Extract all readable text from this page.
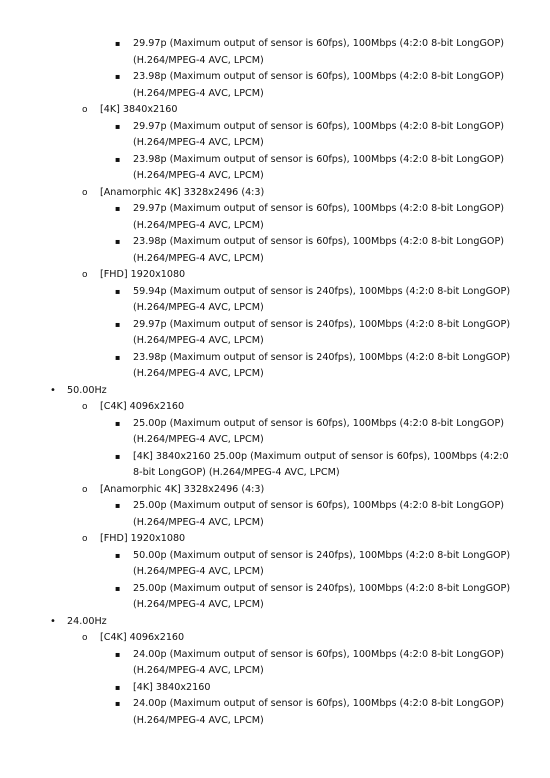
▪ 29.97p (Maximum output of sensor is 60fps), 100Mbps (4:2:0 8-bit LongGOP) (H.264/MPEG-4 AVC, LPCM)
▪ 23.98p (Maximum output of sensor is 60fps), 100Mbps (4:2:0 8-bit LongGOP) (H.264/MPEG-4 AVC, LPCM)
o [4K] 3840x2160
▪ 29.97p (Maximum output of sensor is 60fps), 100Mbps (4:2:0 8-bit LongGOP) (H.264/MPEG-4 AVC, LPCM)
▪ 23.98p (Maximum output of sensor is 60fps), 100Mbps (4:2:0 8-bit LongGOP) (H.264/MPEG-4 AVC, LPCM)
o [Anamorphic 4K] 3328x2496 (4:3)
▪ 29.97p (Maximum output of sensor is 60fps), 100Mbps (4:2:0 8-bit LongGOP) (H.264/MPEG-4 AVC, LPCM)
▪ 23.98p (Maximum output of sensor is 60fps), 100Mbps (4:2:0 8-bit LongGOP) (H.264/MPEG-4 AVC, LPCM)
o [FHD] 1920x1080
▪ 59.94p (Maximum output of sensor is 240fps), 100Mbps (4:2:0 8-bit LongGOP) (H.264/MPEG-4 AVC, LPCM)
▪ 29.97p (Maximum output of sensor is 240fps), 100Mbps (4:2:0 8-bit LongGOP) (H.264/MPEG-4 AVC, LPCM)
▪ 23.98p (Maximum output of sensor is 240fps), 100Mbps (4:2:0 8-bit LongGOP) (H.264/MPEG-4 AVC, LPCM)
• 50.00Hz
o [C4K] 4096x2160
▪ 25.00p (Maximum output of sensor is 60fps), 100Mbps (4:2:0 8-bit LongGOP) (H.264/MPEG-4 AVC, LPCM)
▪ [4K] 3840x2160 25.00p (Maximum output of sensor is 60fps), 100Mbps (4:2:0 8-bit LongGOP) (H.264/MPEG-4 AVC, LPCM)
o [Anamorphic 4K] 3328x2496 (4:3)
▪ 25.00p (Maximum output of sensor is 60fps), 100Mbps (4:2:0 8-bit LongGOP) (H.264/MPEG-4 AVC, LPCM)
o [FHD] 1920x1080
▪ 50.00p (Maximum output of sensor is 240fps), 100Mbps (4:2:0 8-bit LongGOP) (H.264/MPEG-4 AVC, LPCM)
▪ 25.00p (Maximum output of sensor is 240fps), 100Mbps (4:2:0 8-bit LongGOP) (H.264/MPEG-4 AVC, LPCM)
• 24.00Hz
o [C4K] 4096x2160
▪ 24.00p (Maximum output of sensor is 60fps), 100Mbps (4:2:0 8-bit LongGOP) (H.264/MPEG-4 AVC, LPCM)
▪ [4K] 3840x2160
▪ 24.00p (Maximum output of sensor is 60fps), 100Mbps (4:2:0 8-bit LongGOP) (H.264/MPEG-4 AVC, LPCM)
